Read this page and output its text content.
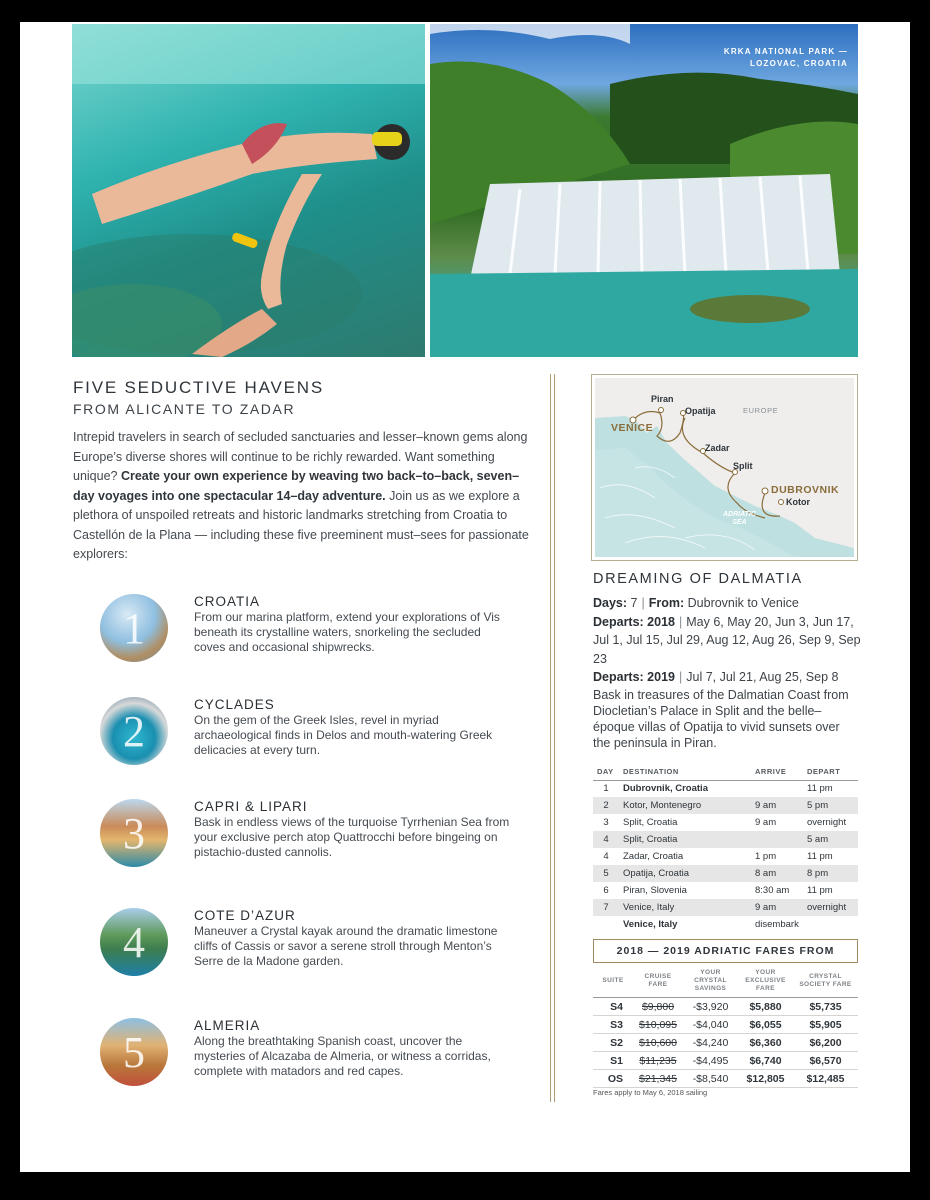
KRKA NATIONAL PARK —
LOZOVAC, CROATIA
FIVE SEDUCTIVE HAVENS
FROM ALICANTE TO ZADAR

Intrepid travelers in search of secluded sanctuaries and lesser–known gems along Europe’s diverse shores will continue to be richly rewarded. Want something unique? Create your own experience by weaving two back–to–back, seven–day voyages into one spectacular 14–day adventure. Join us as we explore a plethora of unspoiled retreats and historic landmarks stretching from Croatia to Castellón de la Plana — including these five preeminent must–sees for passionate explorers:

1
CROATIA
From our marina platform, extend your explorations of Vis beneath its crystalline waters, snorkeling the secluded coves and occasional shipwrecks.
2
CYCLADES
On the gem of the Greek Isles, revel in myriad archaeological finds in Delos and mouth-watering Greek delicacies at every turn.
3
CAPRI & LIPARI
Bask in endless views of the turquoise Tyrrhenian Sea from your exclusive perch atop Quattrocchi before bingeing on pistachio-dusted cannolis.
4
COTE D’AZUR
Maneuver a Crystal kayak around the dramatic limestone cliffs of Cassis or savor a serene stroll through Menton’s Serre de la Madone garden.
5
ALMERIA
Along the breathtaking Spanish coast, uncover the mysteries of Alcazaba de Almeria, or witness a corridas, complete with matadors and red capes.
VENICE
Piran
Opatija	EUROPE
Zadar
Split
DUBROVNIK
Kotor
ADRIATIC
SEA
DREAMING OF DALMATIA
Days: 7 | From: Dubrovnik to Venice
Departs: 2018 | May 6, May 20, Jun 3, Jun 17, Jul 1, Jul 15, Jul 29, Aug 12, Aug 26, Sep 9, Sep 23
Departs: 2019 | Jul 7, Jul 21, Aug 25, Sep 8

Bask in treasures of the Dalmatian Coast from Diocletian’s Palace in Split and the belle–époque villas of Opatija to vivid sunsets over the peninsula in Piran.

DAY	DESTINATION	ARRIVE	DEPART
1	Dubrovnik, Croatia		11 pm
2	Kotor, Montenegro	9 am	5 pm
3	Split, Croatia	9 am	overnight
4	Split, Croatia		5 am
4	Zadar, Croatia	1 pm	11 pm
5	Opatija, Croatia	8 am	8 pm
6	Piran, Slovenia	8:30 am	11 pm
7	Venice, Italy	9 am	overnight
	Venice, Italy	disembark	
2018 — 2019 ADRIATIC FARES FROM
SUITE	CRUISE FARE	YOUR CRYSTAL SAVINGS	YOUR EXCLUSIVE FARE	CRYSTAL SOCIETY FARE
S4	$9,800	-$3,920	$5,880	$5,735
S3	$10,095	-$4,040	$6,055	$5,905
S2	$10,600	-$4,240	$6,360	$6,200
S1	$11,235	-$4,495	$6,740	$6,570
OS	$21,345	-$8,540	$12,805	$12,485
Fares apply to May 6, 2018 sailing
